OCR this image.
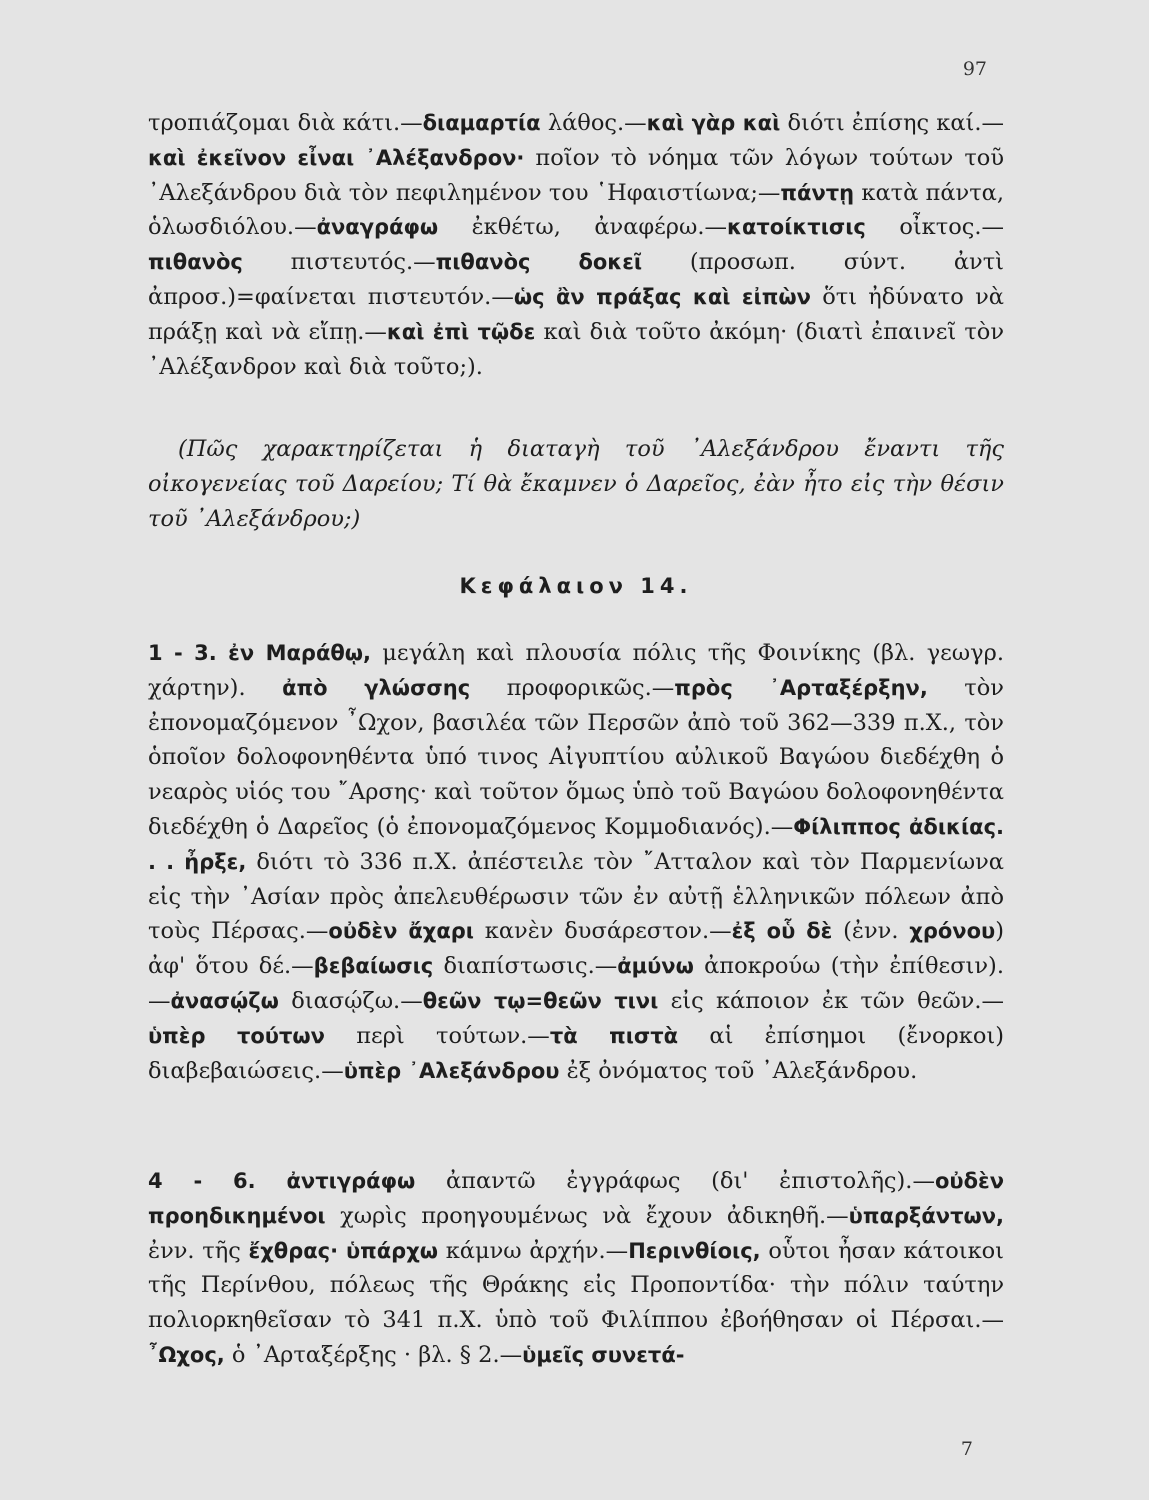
97
τροπιάζομαι διὰ κάτι.—διαμαρτία λάθος.—καὶ γὰρ καὶ διότι ἐπίσης καί.—καὶ ἐκεῖνον εἶναι ᾿Αλέξανδρον· ποῖον τὸ νόημα τῶν λόγων τούτων τοῦ ᾿Αλεξάνδρου διὰ τὸν πεφιλημένον του ῾Ηφαιστίωνα;—πάντῃ κατὰ πάντα, ὁλωσδιόλου.—ἀναγράφω ἐκθέτω, ἀναφέρω.—κατοίκτισις οἶκτος.—πιθανὸς πιστευτός.—πιθανὸς δοκεῖ (προσωπ. σύντ. ἀντὶ ἀπροσ.)=φαίνεται πιστευτόν.—ὡς ἂν πράξας καὶ εἰπὼν ὅτι ἠδύνατο νὰ πράξῃ καὶ νὰ εἴπῃ.—καὶ ἐπὶ τῷδε καὶ διὰ τοῦτο ἀκόμη· (διατὶ ἐπαινεῖ τὸν ᾿Αλέξανδρον καὶ διὰ τοῦτο;).
(Πῶς χαρακτηρίζεται ἡ διαταγὴ τοῦ ᾿Αλεξάνδρου ἔναντι τῆς οἰκογενείας τοῦ Δαρείου; Τί θὰ ἔκαμνεν ὁ Δαρεῖος, ἐὰν ἦτο εἰς τὴν θέσιν τοῦ ᾿Αλεξάνδρου;)
Κεφάλαιον 14.
1 - 3. ἐν Μαράθῳ, μεγάλη καὶ πλουσία πόλις τῆς Φοινίκης (βλ. γεωγρ. χάρτην). ἀπὸ γλώσσης προφορικῶς.—πρὸς ᾿Αρταξέρξην, τὸν ἐπονομαζόμενον ῏Ωχον, βασιλέα τῶν Περσῶν ἀπὸ τοῦ 362—339 π.Χ., τὸν ὁποῖον δολοφονηθέντα ὑπό τινος Αἰγυπτίου αὐλικοῦ Βαγώου διεδέχθη ὁ νεαρὸς υἱός του ῎Αρσης· καὶ τοῦτον ὅμως ὑπὸ τοῦ Βαγώου δολοφονηθέντα διεδέχθη ὁ Δαρεῖος (ὁ ἐπονομαζόμενος Κομμοδιανός).—Φίλιππος ἀδικίας. . . ἦρξε, διότι τὸ 336 π.Χ. ἀπέστειλε τὸν ῎Ατταλον καὶ τὸν Παρμενίωνα εἰς τὴν ᾿Ασίαν πρὸς ἀπελευθέρωσιν τῶν ἐν αὐτῇ ἑλληνικῶν πόλεων ἀπὸ τοὺς Πέρσας.—οὐδὲν ἄχαρι κανὲν δυσάρεστον.—ἐξ οὗ δὲ (ἐνν. χρόνου) ἀφ' ὅτου δέ.—βεβαίωσις διαπίστωσις.—ἀμύνω ἀποκρούω (τὴν ἐπίθεσιν).—ἀνασῴζω διασῴζω.—θεῶν τῳ=θεῶν τινι εἰς κάποιον ἐκ τῶν θεῶν.—ὑπὲρ τούτων περὶ τούτων.—τὰ πιστὰ αἱ ἐπίσημοι (ἔνορκοι) διαβεβαιώσεις.—ὑπὲρ ᾿Αλεξάνδρου ἐξ ὀνόματος τοῦ ᾿Αλεξάνδρου.
4 - 6. ἀντιγράφω ἀπαντῶ ἐγγράφως (δι' ἐπιστολῆς).—οὐδὲν προηδικημένοι χωρὶς προηγουμένως νὰ ἔχουν ἀδικηθῆ.—ὑπαρξάντων, ἐνν. τῆς ἔχθρας· ὑπάρχω κάμνω ἀρχήν.—Περινθίοις, οὗτοι ἦσαν κάτοικοι τῆς Περίνθου, πόλεως τῆς Θράκης εἰς Προποντίδα· τὴν πόλιν ταύτην πολιορκηθεῖσαν τὸ 341 π.Χ. ὑπὸ τοῦ Φιλίππου ἐβοήθησαν οἱ Πέρσαι.—῏Ωχος, ὁ ᾿Αρταξέρξης · βλ. § 2.—ὑμεῖς συνετά-
7
